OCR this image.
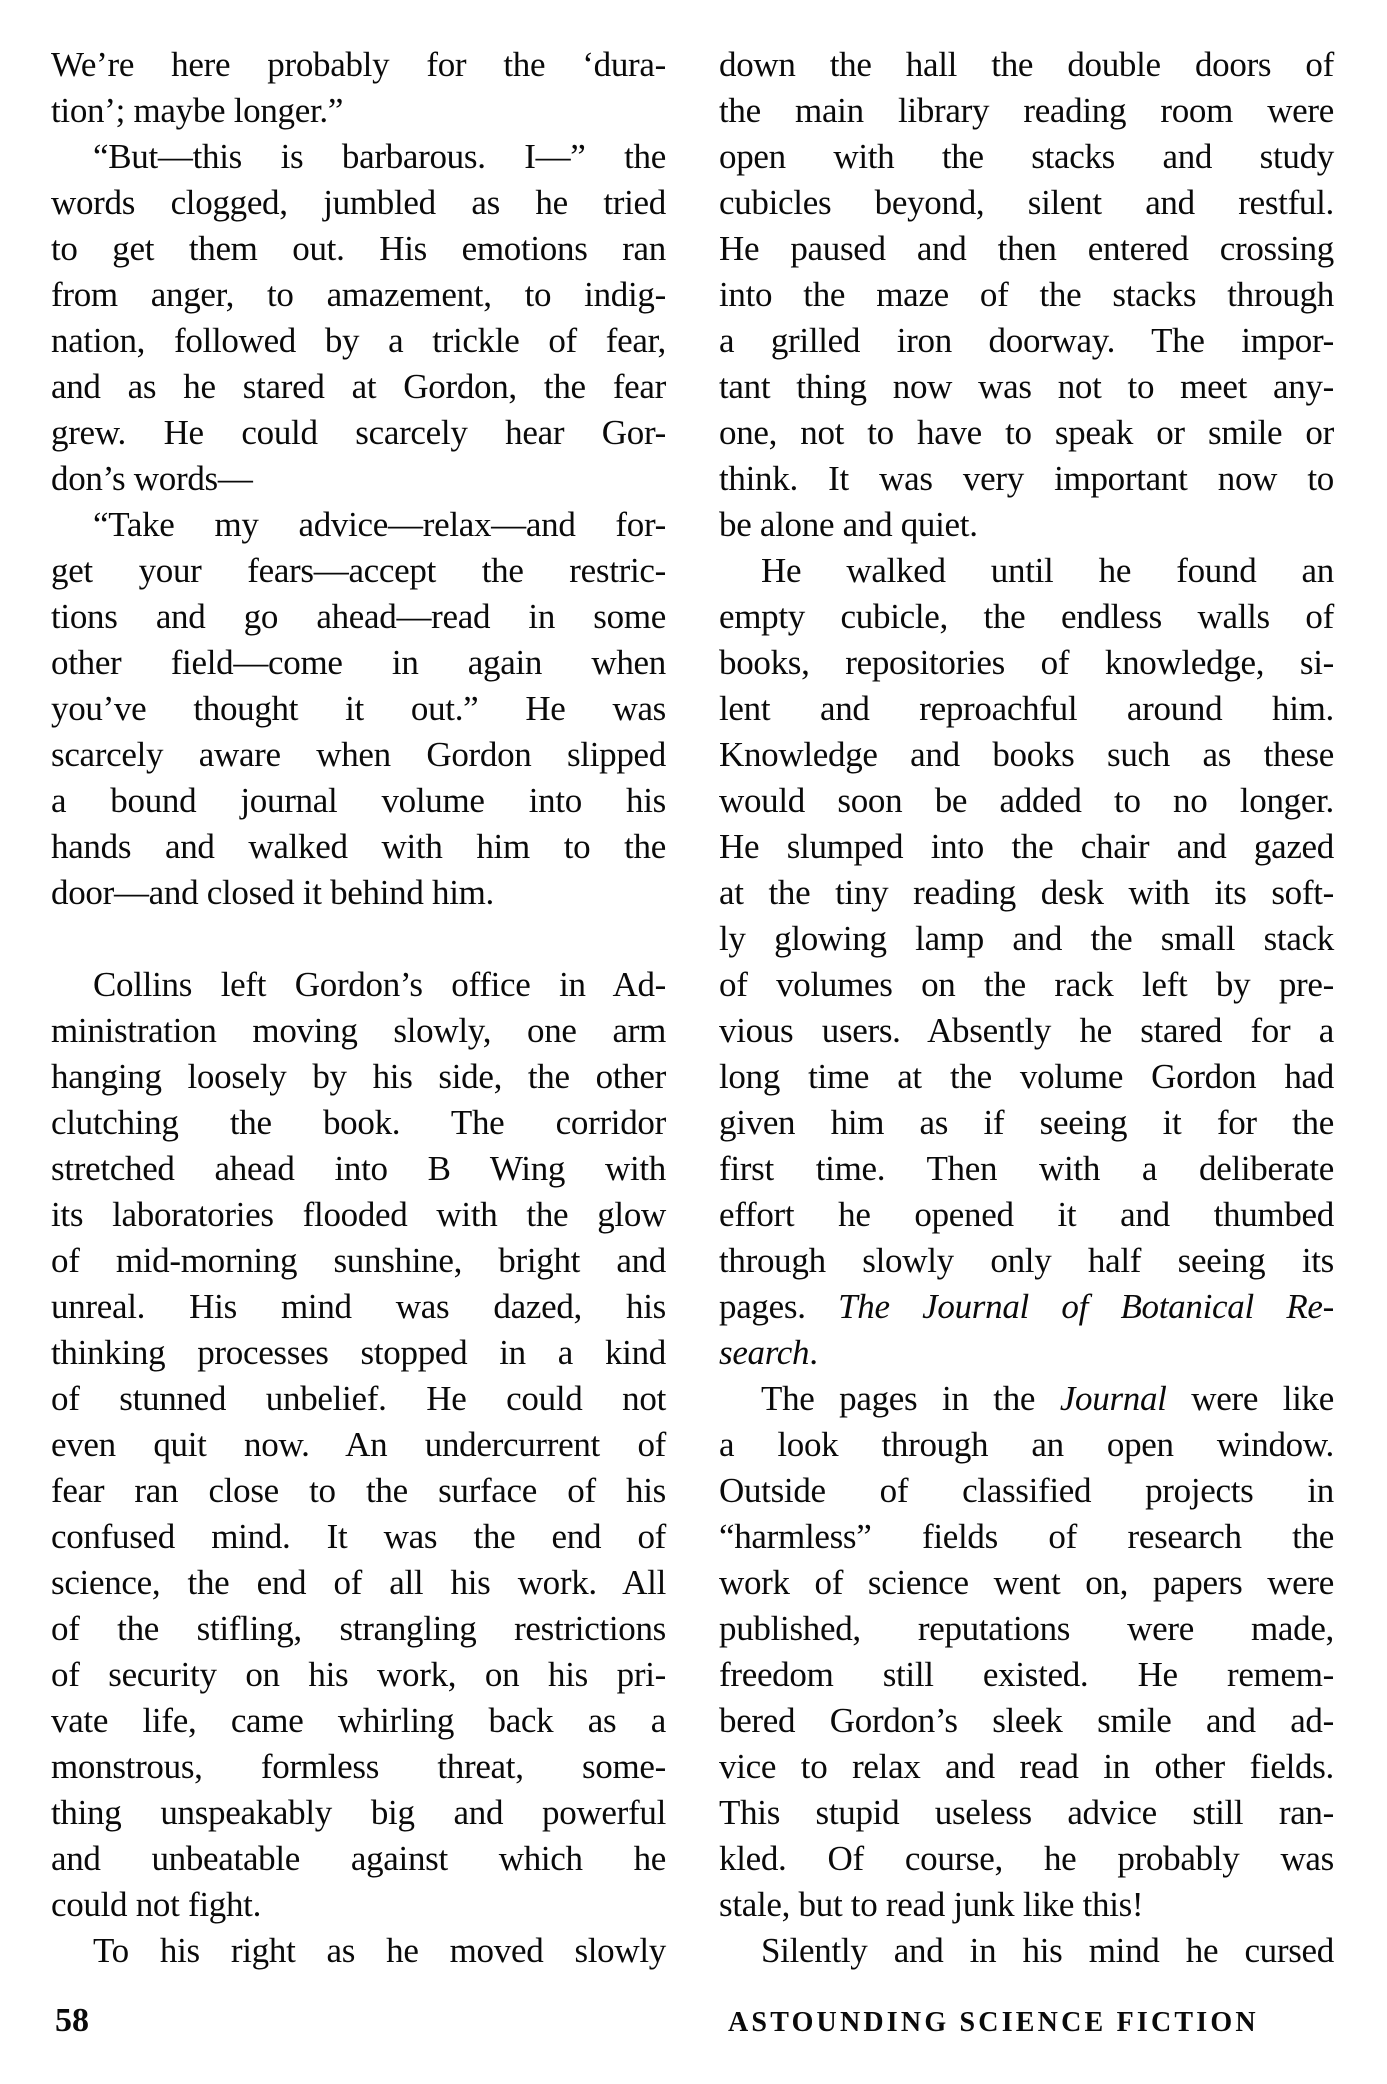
We’re here probably for the ‘dura-
tion’; maybe longer.”
“But—this is barbarous. I—” the
words clogged, jumbled as he tried
to get them out. His emotions ran
from anger, to amazement, to indig-
nation, followed by a trickle of fear,
and as he stared at Gordon, the fear
grew. He could scarcely hear Gor-
don’s words—
“Take my advice—relax—and for-
get your fears—accept the restric-
tions and go ahead—read in some
other field—come in again when
you’ve thought it out.” He was
scarcely aware when Gordon slipped
a bound journal volume into his
hands and walked with him to the
door—and closed it behind him.
Collins left Gordon’s office in Ad-
ministration moving slowly, one arm
hanging loosely by his side, the other
clutching the book. The corridor
stretched ahead into B Wing with
its laboratories flooded with the glow
of mid-morning sunshine, bright and
unreal. His mind was dazed, his
thinking processes stopped in a kind
of stunned unbelief. He could not
even quit now. An undercurrent of
fear ran close to the surface of his
confused mind. It was the end of
science, the end of all his work. All
of the stifling, strangling restrictions
of security on his work, on his pri-
vate life, came whirling back as a
monstrous, formless threat, some-
thing unspeakably big and powerful
and unbeatable against which he
could not fight.
To his right as he moved slowly
down the hall the double doors of
the main library reading room were
open with the stacks and study
cubicles beyond, silent and restful.
He paused and then entered crossing
into the maze of the stacks through
a grilled iron doorway. The impor-
tant thing now was not to meet any-
one, not to have to speak or smile or
think. It was very important now to
be alone and quiet.
He walked until he found an
empty cubicle, the endless walls of
books, repositories of knowledge, si-
lent and reproachful around him.
Knowledge and books such as these
would soon be added to no longer.
He slumped into the chair and gazed
at the tiny reading desk with its soft-
ly glowing lamp and the small stack
of volumes on the rack left by pre-
vious users. Absently he stared for a
long time at the volume Gordon had
given him as if seeing it for the
first time. Then with a deliberate
effort he opened it and thumbed
through slowly only half seeing its
pages. The Journal of Botanical Re-
search.
The pages in the Journal were like
a look through an open window.
Outside of classified projects in
“harmless” fields of research the
work of science went on, papers were
published, reputations were made,
freedom still existed. He remem-
bered Gordon’s sleek smile and ad-
vice to relax and read in other fields.
This stupid useless advice still ran-
kled. Of course, he probably was
stale, but to read junk like this!
Silently and in his mind he cursed
58	ASTOUNDING SCIENCE FICTION
